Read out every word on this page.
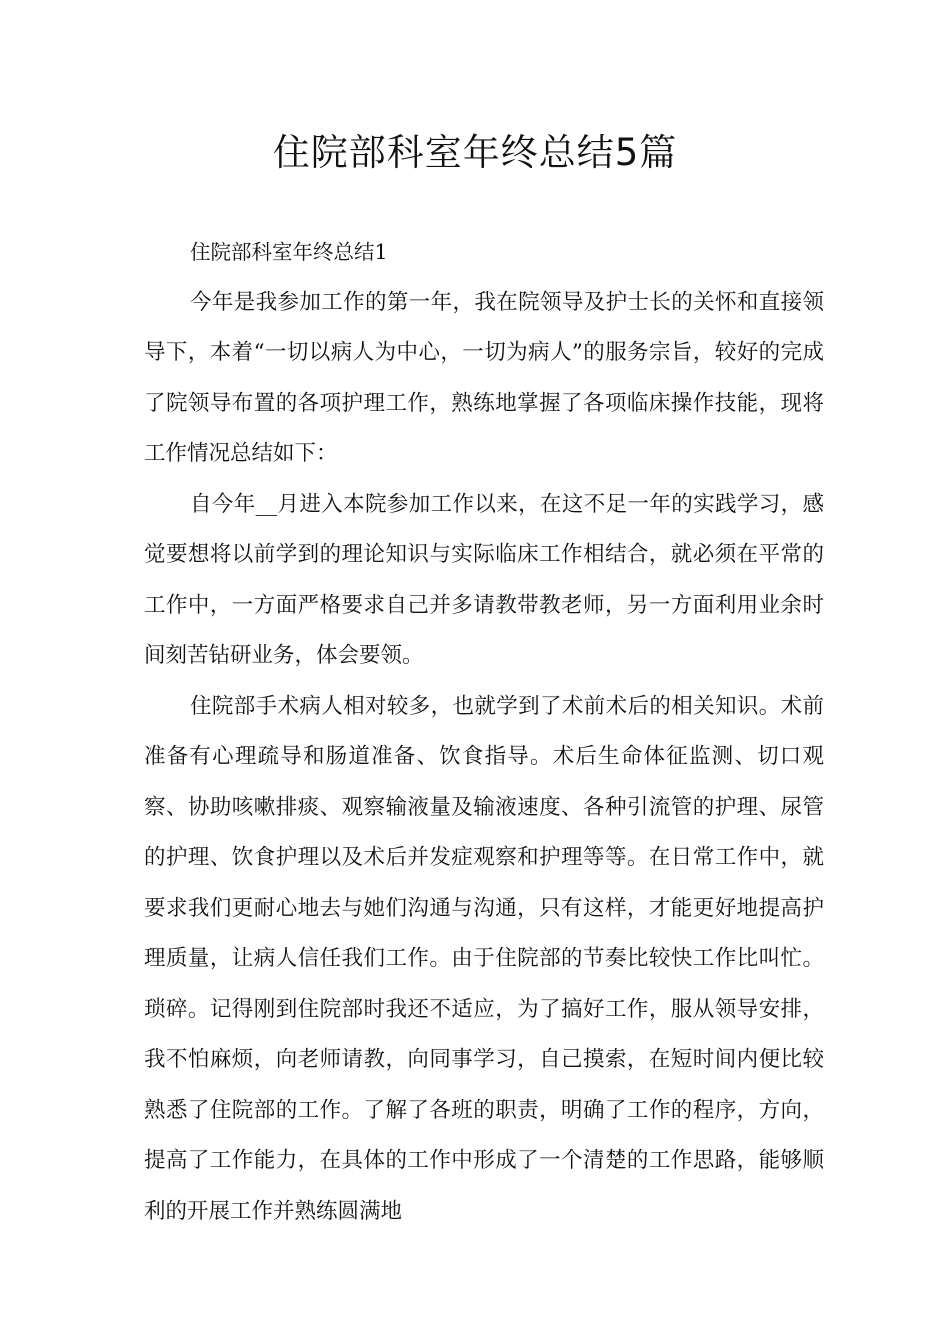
住院部科室年终总结5篇
住院部科室年终总结1

今年是我参加工作的第一年，我在院领导及护士长的关怀和直接领导下，本着“一切以病人为中心，一切为病人”的服务宗旨，较好的完成了院领导布置的各项护理工作，熟练地掌握了各项临床操作技能，现将工作情况总结如下：

自今年__月进入本院参加工作以来，在这不足一年的实践学习，感觉要想将以前学到的理论知识与实际临床工作相结合，就必须在平常的工作中，一方面严格要求自己并多请教带教老师，另一方面利用业余时间刻苦钻研业务，体会要领。

住院部手术病人相对较多，也就学到了术前术后的相关知识。术前准备有心理疏导和肠道准备、饮食指导。术后生命体征监测、切口观察、协助咳嗽排痰、观察输液量及输液速度、各种引流管的护理、尿管的护理、饮食护理以及术后并发症观察和护理等等。在日常工作中，就要求我们更耐心地去与她们沟通与沟通，只有这样，才能更好地提高护理质量，让病人信任我们工作。由于住院部的节奏比较快工作比叫忙。琐碎。记得刚到住院部时我还不适应，为了搞好工作，服从领导安排，我不怕麻烦，向老师请教，向同事学习，自己摸索，在短时间内便比较熟悉了住院部的工作。了解了各班的职责，明确了工作的程序，方向，提高了工作能力，在具体的工作中形成了一个清楚的工作思路，能够顺利的开展工作并熟练圆满地
